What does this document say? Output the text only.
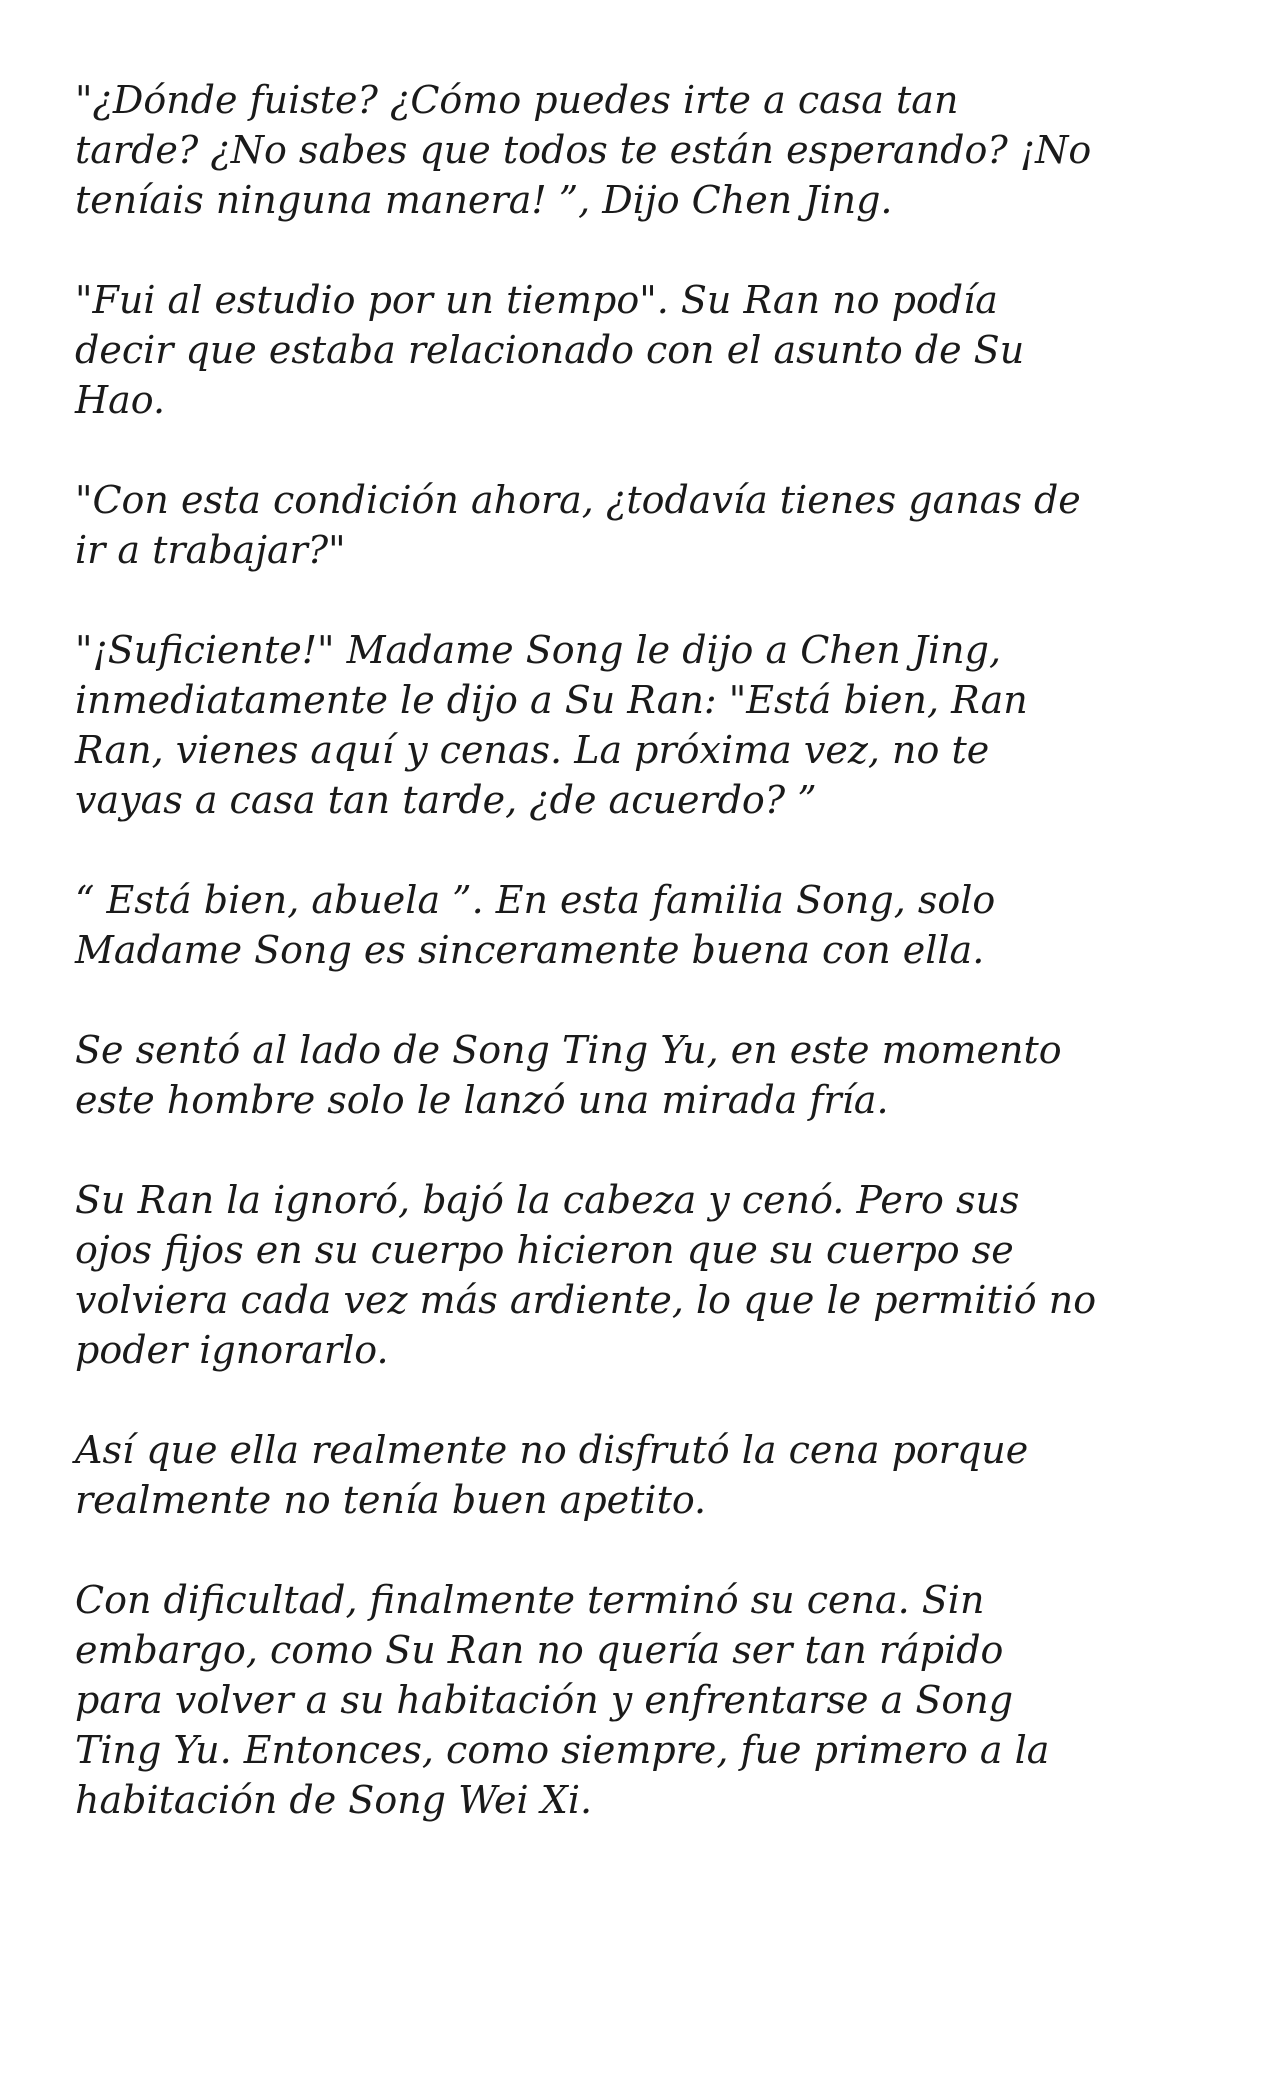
"¿Dónde fuiste? ¿Cómo puedes irte a casa tan
tarde? ¿No sabes que todos te están esperando? ¡No
teníais ninguna manera! ”, Dijo Chen Jing.

"Fui al estudio por un tiempo". Su Ran no podía
decir que estaba relacionado con el asunto de Su
Hao.

"Con esta condición ahora, ¿todavía tienes ganas de
ir a trabajar?"

"¡Suficiente!" Madame Song le dijo a Chen Jing,
inmediatamente le dijo a Su Ran: "Está bien, Ran
Ran, vienes aquí y cenas. La próxima vez, no te
vayas a casa tan tarde, ¿de acuerdo? ”

“ Está bien, abuela ”. En esta familia Song, solo
Madame Song es sinceramente buena con ella.

Se sentó al lado de Song Ting Yu, en este momento
este hombre solo le lanzó una mirada fría.

Su Ran la ignoró, bajó la cabeza y cenó. Pero sus
ojos fijos en su cuerpo hicieron que su cuerpo se
volviera cada vez más ardiente, lo que le permitió no
poder ignorarlo.

Así que ella realmente no disfrutó la cena porque
realmente no tenía buen apetito.

Con dificultad, finalmente terminó su cena. Sin
embargo, como Su Ran no quería ser tan rápido
para volver a su habitación y enfrentarse a Song
Ting Yu. Entonces, como siempre, fue primero a la
habitación de Song Wei Xi.
